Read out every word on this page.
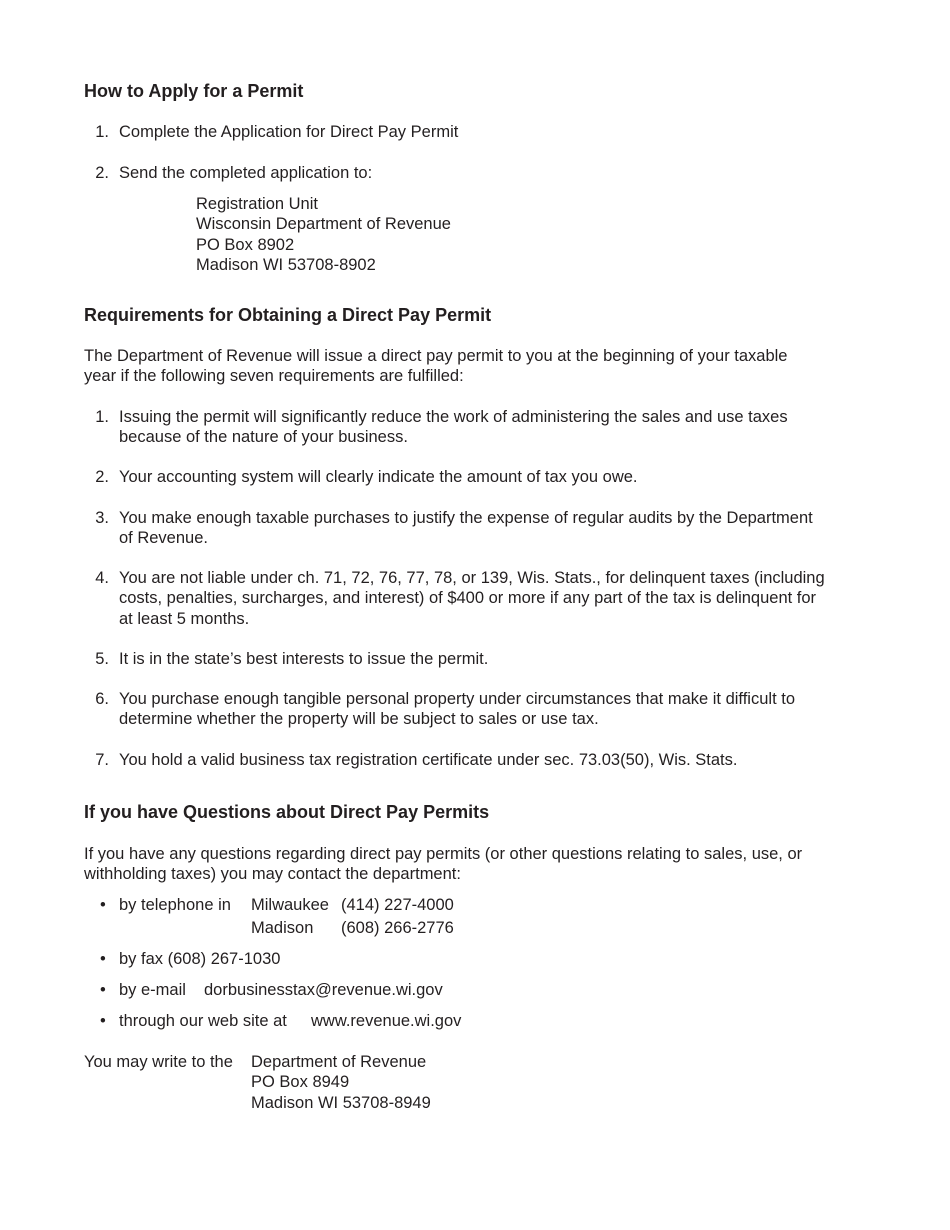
How to Apply for a Permit
1. Complete the Application for Direct Pay Permit
2. Send the completed application to:
Registration Unit
Wisconsin Department of Revenue
PO Box 8902
Madison WI 53708-8902
Requirements for Obtaining a Direct Pay Permit
The Department of Revenue will issue a direct pay permit to you at the beginning of your taxable
year if the following seven requirements are fulfilled:
1. Issuing the permit will significantly reduce the work of administering the sales and use taxes
because of the nature of your business.
2. Your accounting system will clearly indicate the amount of tax you owe.
3. You make enough taxable purchases to justify the expense of regular audits by the Department
of Revenue.
4. You are not liable under ch. 71, 72, 76, 77, 78, or 139, Wis. Stats., for delinquent taxes (including
costs, penalties, surcharges, and interest) of $400 or more if any part of the tax is delinquent for
at least 5 months.
5. It is in the state’s best interests to issue the permit.
6. You purchase enough tangible personal property under circumstances that make it difficult to
determine whether the property will be subject to sales or use tax.
7. You hold a valid business tax registration certificate under sec. 73.03(50), Wis. Stats.
If you have Questions about Direct Pay Permits
If you have any questions regarding direct pay permits (or other questions relating to sales, use, or
withholding taxes) you may contact the department:
• by telephone in Milwaukee (414) 227-4000
Madison (608) 266-2776
• by fax (608) 267-1030
• by e-mail dorbusinesstax@revenue.wi.gov
• through our web site at www.revenue.wi.gov
You may write to the Department of Revenue
PO Box 8949
Madison WI 53708-8949
